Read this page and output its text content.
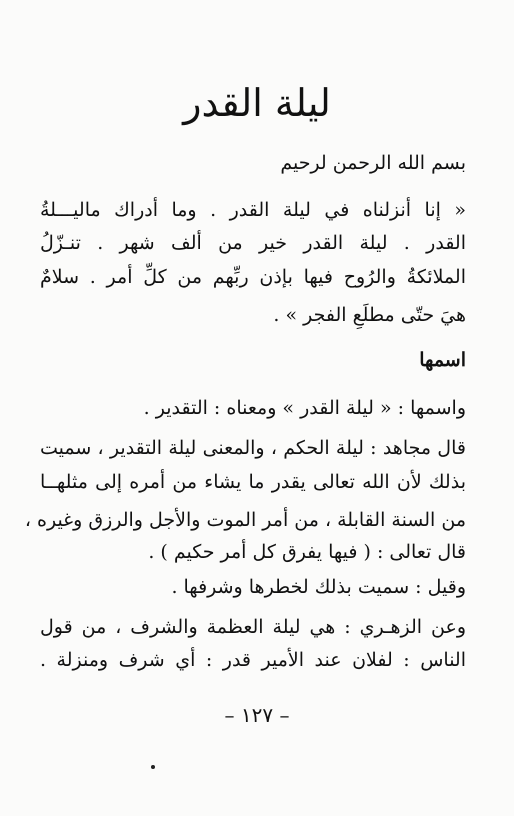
ليلة القدر
بسم الله الرحمن لرحيم
« إنا أنزلناه في ليلة القدر . وما أدراك ماليـــلةُ
القدر . ليلة القدر خير من ألف شهر . تنـزّلُ
الملائكةُ والرُوح فيها بإذن ربِّهم من كلِّ أمر . سلامٌ
هيَ حتّى مطلَعِ الفجر » .
اسمها
واسمها : « ليلة القدر » ومعناه : التقدير .
قال مجاهد : ليلة الحكم ، والمعنى ليلة التقدير ، سميت
بذلك لأن الله تعالى يقدر ما يشاء من أمره إلى مثلهــا
من السنة القابلة ، من أمر الموت والأجل والرزق وغيره ،
قال تعالى : ( فيها يفرق كل أمر حكيم ) .
وقيل : سميت بذلك لخطرها وشرفها .
وعن الزهـري : هي ليلة العظمة والشرف ، من قول
الناس : لفلان عند الأمير قدر : أي شرف ومنزلة .
– ١٢٧ –
